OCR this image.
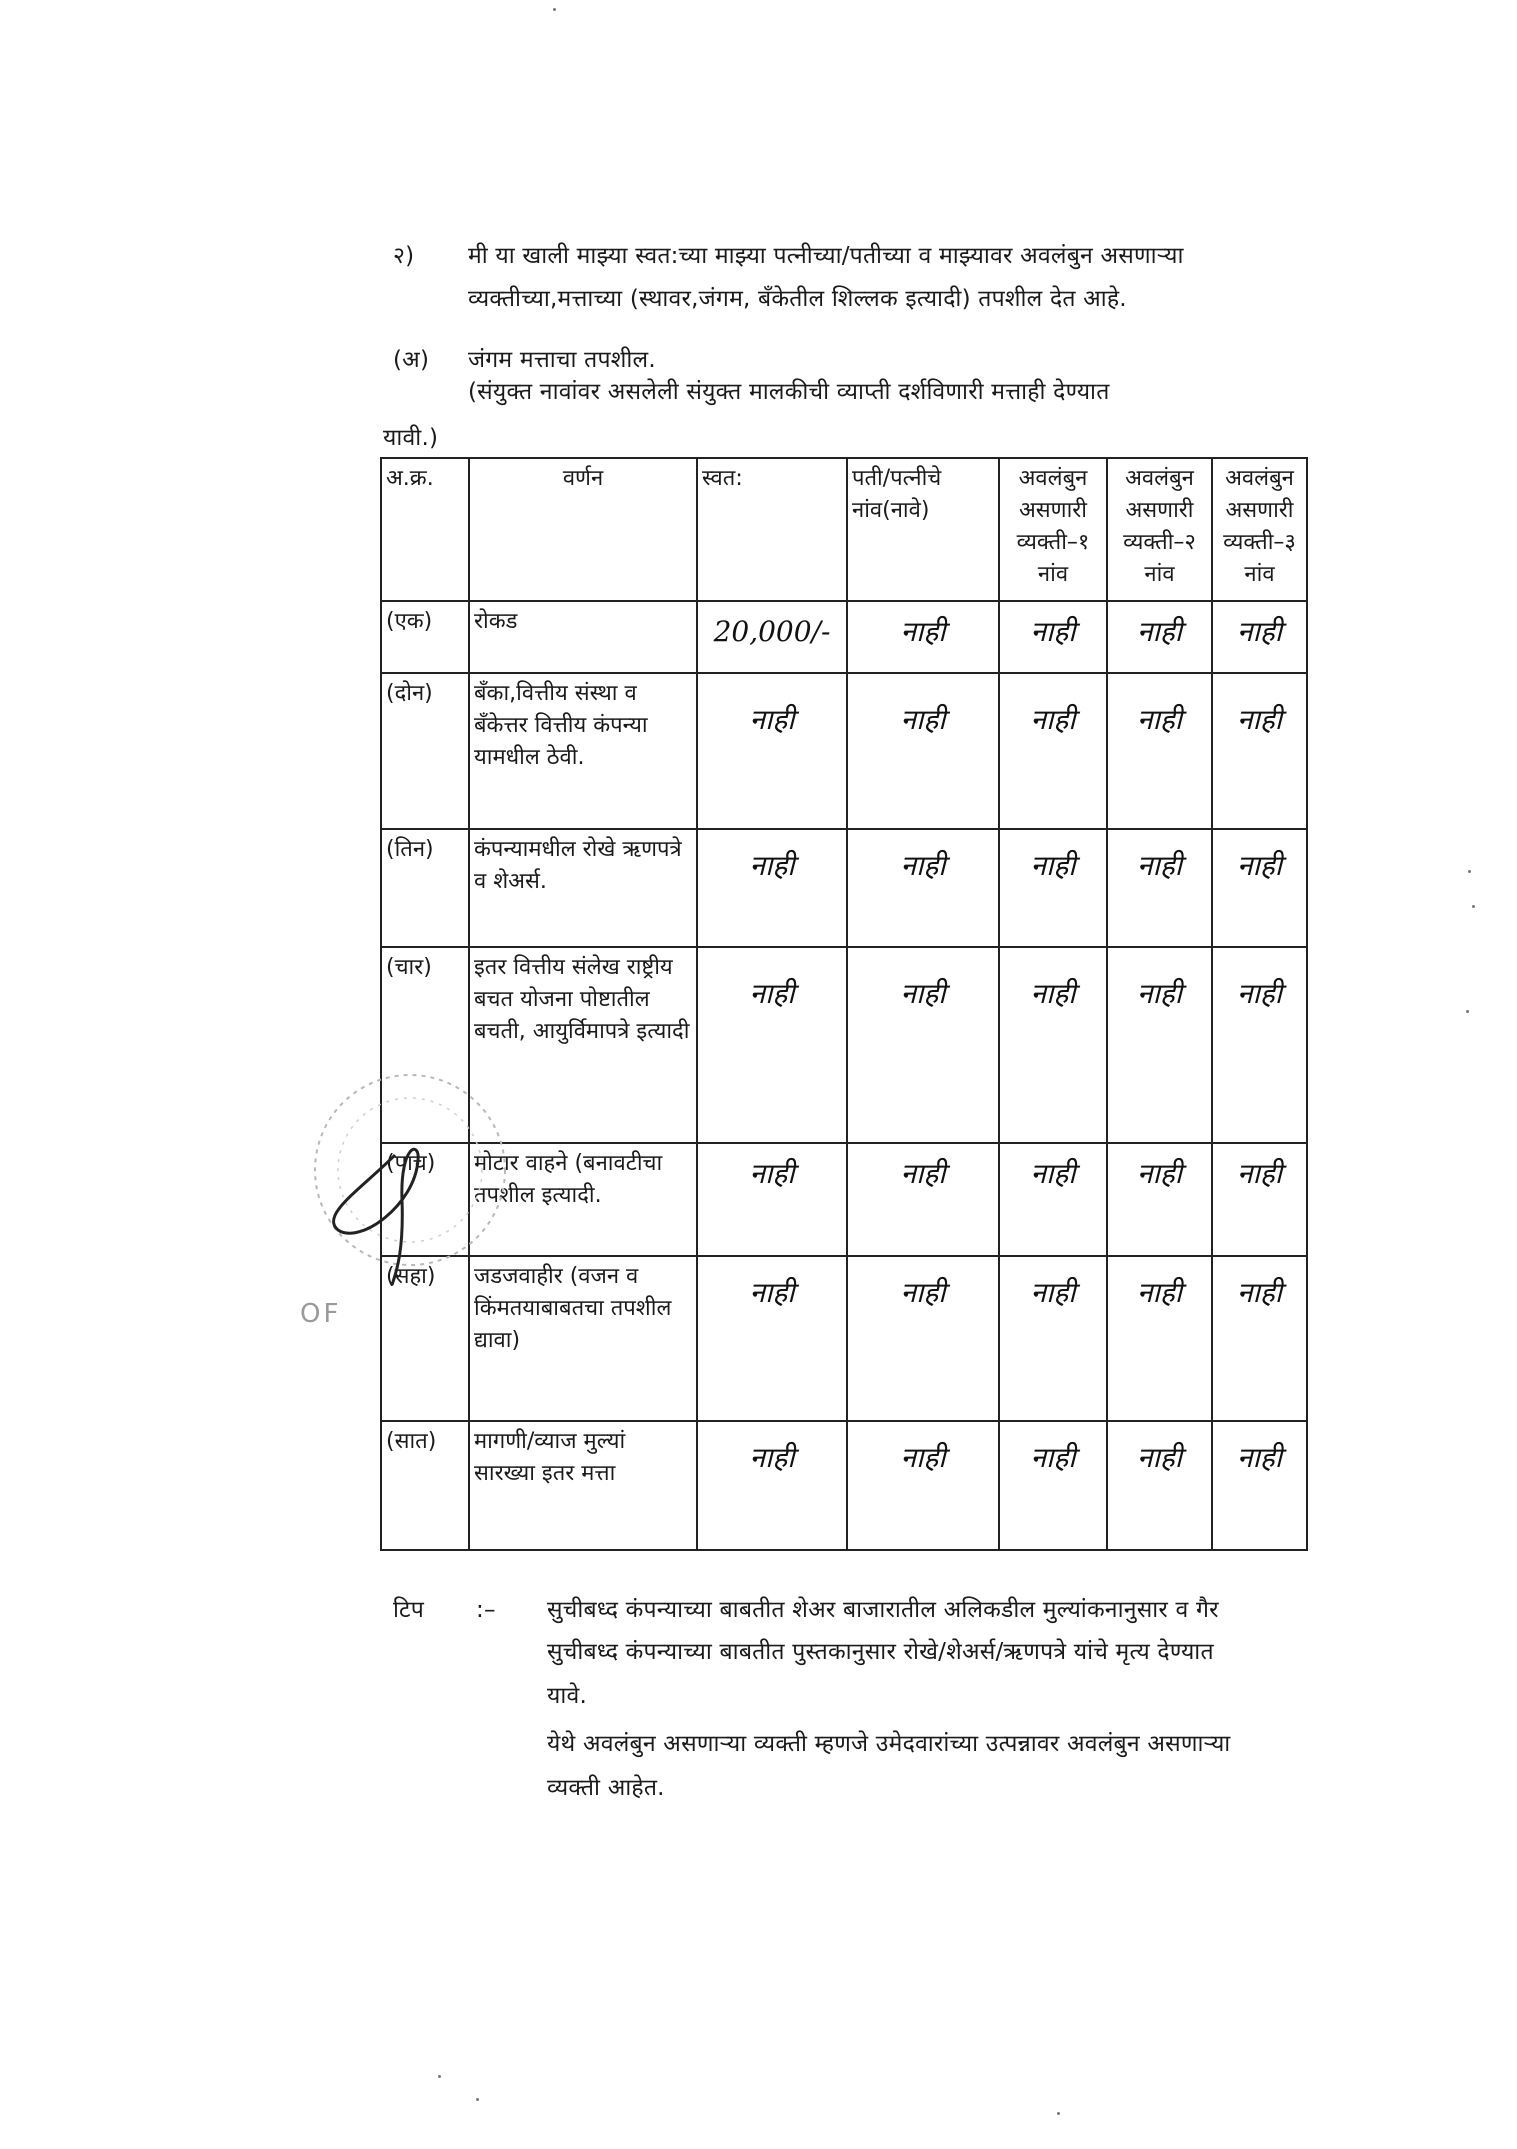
२) मी या खाली माझ्या स्वत:च्या माझ्या पत्नीच्या/पतीच्या व माझ्यावर अवलंबुन असणाऱ्या
व्यक्तीच्या,मत्ताच्या (स्थावर,जंगम, बॅंकेतील शिल्लक इत्यादी) तपशील देत आहे.
(अ) जंगम मत्ताचा तपशील.
(संयुक्त नावांवर असलेली संयुक्त मालकीची व्याप्ती दर्शविणारी मत्ताही देण्यात
यावी.)
अ.क्र.	वर्णन	स्वत:	पती/पत्नीचे नांव(नावे)	अवलंबुन असणारी व्यक्ती–१ नांव	अवलंबुन असणारी व्यक्ती–२ नांव	अवलंबुन असणारी व्यक्ती–३ नांव
(एक)	रोकड	20,000/-	नाही	नाही	नाही	नाही
(दोन)	बॅंका,वित्तीय संस्था व बॅंकेत्तर वित्तीय कंपन्या यामधील ठेवी.	नाही	नाही	नाही	नाही	नाही
(तिन)	कंपन्यामधील रोखे ऋणपत्रे व शेअर्स.	नाही	नाही	नाही	नाही	नाही
(चार)	इतर वित्तीय संलेख राष्ट्रीय बचत योजना पोष्टातील बचती, आयुर्विमापत्रे इत्यादी	नाही	नाही	नाही	नाही	नाही
(पाच)	मोटार वाहने (बनावटीचा तपशील इत्यादी.	नाही	नाही	नाही	नाही	नाही
(सहा)	जडजवाहीर (वजन व किंमतयाबाबतचा तपशील द्यावा)	नाही	नाही	नाही	नाही	नाही
(सात)	मागणी/व्याज मुल्यां सारख्या इतर मत्ता	नाही	नाही	नाही	नाही	नाही
टिप :– सुचीबध्द कंपन्याच्या बाबतीत शेअर बाजारातील अलिकडील मुल्यांकनानुसार व गैर
सुचीबध्द कंपन्याच्या बाबतीत पुस्तकानुसार रोखे/शेअर्स/ऋणपत्रे यांचे मृत्य देण्यात
यावे.
येथे अवलंबुन असणाऱ्या व्यक्ती म्हणजे उमेदवारांच्या उत्पन्नावर अवलंबुन असणाऱ्या
व्यक्ती आहेत.
OF
